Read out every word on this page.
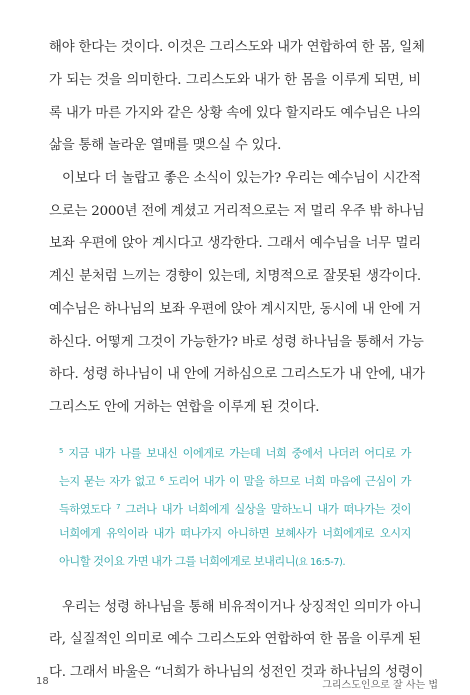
해야 한다는 것이다. 이것은 그리스도와 내가 연합하여 한 몸, 일체
가 되는 것을 의미한다. 그리스도와 내가 한 몸을 이루게 되면, 비
록 내가 마른 가지와 같은 상황 속에 있다 할지라도 예수님은 나의
삶을 통해 놀라운 열매를 맺으실 수 있다.
이보다 더 놀랍고 좋은 소식이 있는가? 우리는 예수님이 시간적
으로는 2000년 전에 계셨고 거리적으로는 저 멀리 우주 밖 하나님
보좌 우편에 앉아 계시다고 생각한다. 그래서 예수님을 너무 멀리
계신 분처럼 느끼는 경향이 있는데, 치명적으로 잘못된 생각이다.
예수님은 하나님의 보좌 우편에 앉아 계시지만, 동시에 내 안에 거
하신다. 어떻게 그것이 가능한가? 바로 성령 하나님을 통해서 가능
하다. 성령 하나님이 내 안에 거하심으로 그리스도가 내 안에, 내가
그리스도 안에 거하는 연합을 이루게 된 것이다.
$^5$ 지금 내가 나를 보내신 이에게로 가는데 너희 중에서 나더러 어디로 가
는지 묻는 자가 없고 $^6$ 도리어 내가 이 말을 하므로 너희 마음에 근심이 가
득하였도다 $^7$ 그러나 내가 너희에게 실상을 말하노니 내가 떠나가는 것이
너희에게 유익이라 내가 떠나가지 아니하면 보혜사가 너희에게로 오시지
아니할 것이요 가면 내가 그를 너희에게로 보내리니(요 16:5-7).
우리는 성령 하나님을 통해 비유적이거나 상징적인 의미가 아니
라, 실질적인 의미로 예수 그리스도와 연합하여 한 몸을 이루게 된
다. 그래서 바울은 “너희가 하나님의 성전인 것과 하나님의 성령이
18	그리스도인으로 잘 사는 법
